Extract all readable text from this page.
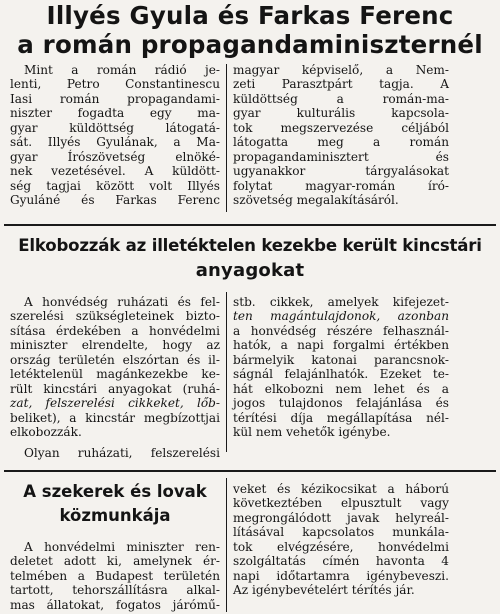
Illyés Gyula és Farkas Ferenc
a román propagandaminiszternél
Mint a román rádió je-
lenti, Petro Constantinescu
Iasi román propagandami-
niszter fogadta egy ma-
gyar küldöttség látogatá-
sát. Illyés Gyulának, a Ma-
gyar Írószövetség elnöké-
nek vezetésével. A küldött-
ség tagjai között volt Illyés
Gyuláné és Farkas Ferenc
magyar képviselő, a Nem-
zeti Parasztpárt tagja. A
küldöttség a román-ma-
gyar kulturális kapcsola-
tok megszervezése céljából
látogatta meg a román
propagandaminisztert és
ugyanakkor tárgyalásokat
folytat magyar-román író-
szövetség megalakításáról.
Elkobozzák az illetéktelen kezekbe került kincstári
anyagokat
A honvédség ruházati és fel-
szerelési szükségleteinek bizto-
sítása érdekében a honvédelmi
miniszter elrendelte, hogy az
ország területén elszórtan és il-
letéktelenül magánkezekbe ke-
rült kincstári anyagokat (ruhá-
zat, felszerelési cikkeket, lőb-
beliket), a kincstár megbízottjai
elkobozzák.
Olyan ruházati, felszerelési
stb. cikkek, amelyek kifejezet-
ten magántulajdonok, azonban
a honvédség részére felhasznál-
hatók, a napi forgalmi értékben
bármelyik katonai parancsnok-
ságnál felajánlhatók. Ezeket te-
hát elkobozni nem lehet és a
jogos tulajdonos felajánlása és
térítési díja megállapítása nél-
kül nem vehetők igénybe.
A szekerek és lovak
közmunkája
A honvédelmi miniszter ren-
deletet adott ki, amelynek ér-
telmében a Budapest területén
tartott, tehorszállításra alkal-
mas állatokat, fogatos járómű-
veket és kézikocsikat a háború
következtében elpusztult vagy
megrongálódott javak helyreál-
lításával kapcsolatos munkála-
tok elvégzésére, honvédelmi
szolgáltatás címén havonta 4
napi időtartamra igénybeveszi.
Az igénybevételért térítés jár.
